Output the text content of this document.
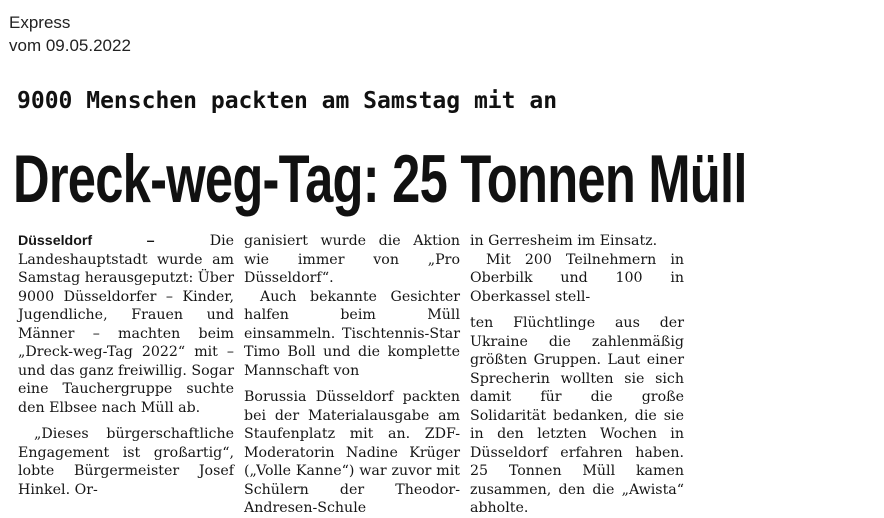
Express
vom 09.05.2022
9000 Menschen packten am Samstag mit an
Dreck-weg-Tag: 25 Tonnen Müll

Düsseldorf –	Die Landeshauptstadt wurde am Samstag herausgeputzt: Über 9000 Düsseldorfer – Kinder, Jugendliche, Frauen und Männer – machten beim „Dreck-weg-Tag 2022“ mit – und das ganz freiwillig. Sogar eine Tauchergruppe suchte den Elbsee nach Müll ab.

„Dieses bürgerschaftliche Engagement ist großartig“, lobte Bürgermeister Josef Hinkel. Or-

ganisiert wurde die Aktion wie immer von „Pro Düsseldorf“.

Auch bekannte Gesichter halfen beim Müll einsammeln. Tischtennis-Star Timo Boll und die komplette Mannschaft von

Borussia Düsseldorf packten bei der Materialausgabe am Staufenplatz mit an. ZDF-Moderatorin Nadine Krüger („Volle Kanne“) war zuvor mit Schülern der Theodor-Andresen-Schule

in Gerresheim im Einsatz.

Mit 200 Teilnehmern in Oberbilk und 100 in Oberkassel stell-

ten Flüchtlinge aus der Ukraine die zahlenmäßig größten Gruppen. Laut einer Sprecherin wollten sie sich damit für die große Solidarität bedanken, die sie in den letzten Wochen in Düsseldorf erfahren haben. 25 Tonnen Müll kamen zusammen, den die „Awista“ abholte.
